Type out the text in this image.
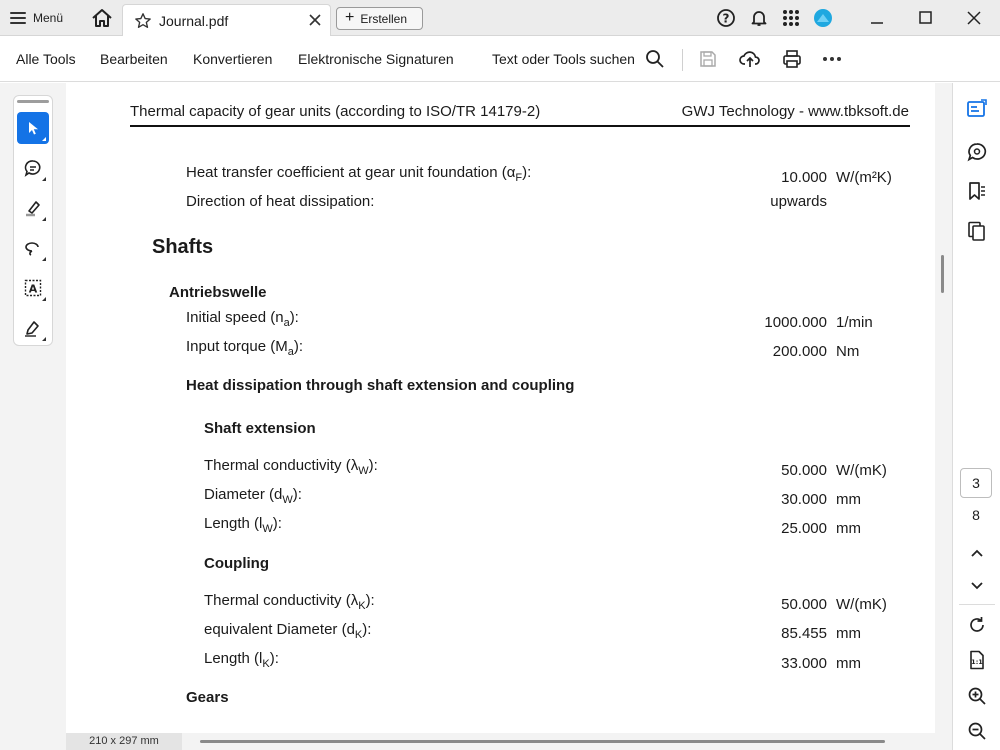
Menü	Journal.pdf	+ Erstellen	?
Alle Tools Bearbeiten Konvertieren Elektronische Signaturen	Text oder Tools suchen
A
Thermal capacity of gear units (according to ISO/TR 14179-2)	GWJ Technology - www.tbksoft.de
Heat transfer coefficient at gear unit foundation $(\alpha_F)$:	10.000 W/(m²K)
Direction of heat dissipation:	upwards
Shafts
Antriebswelle
Initial speed $(n_a)$:	1000.000 1/min
Input torque $(M_a)$:	200.000 Nm
Heat dissipation through shaft extension and coupling
Shaft extension
Thermal conductivity $(\lambda_W)$:	50.000 W/(mK)
Diameter $(d_W)$:	30.000 mm
Length $(l_W)$:	25.000 mm
Coupling
Thermal conductivity $(\lambda_K)$:	50.000 W/(mK)
equivalent Diameter $(d_K)$:	85.455 mm
Length $(l_K)$:	33.000 mm
Gears
210 x 297 mm
3
8
1:1
